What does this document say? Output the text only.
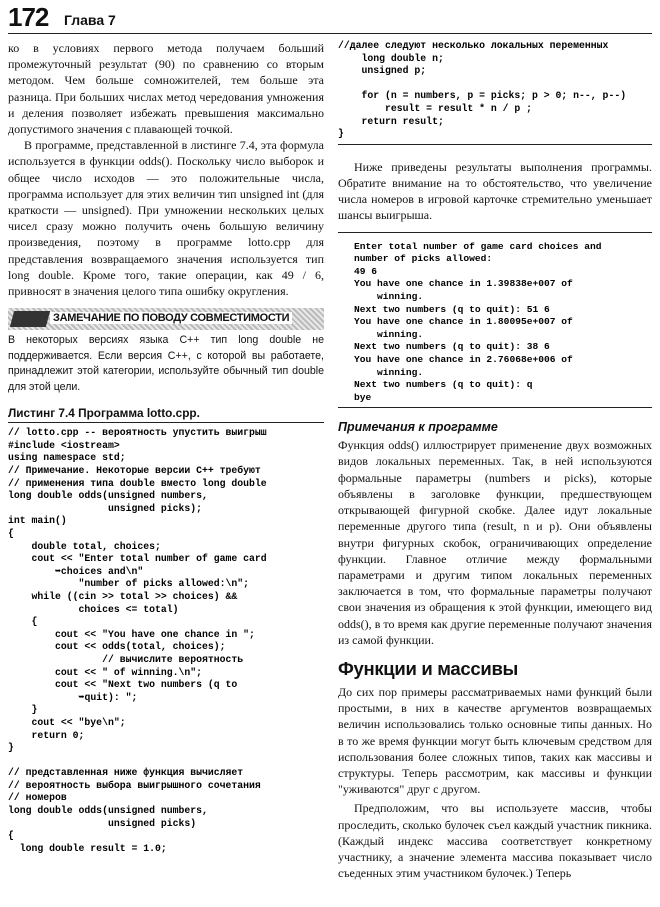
172 Глава 7

ко в условиях первого метода получаем больший промежуточный результат (90) по сравнению со вторым методом. Чем больше сомножителей, тем больше эта разница. При больших числах метод чередования умножения и деления позволяет избежать превышения максимально допустимого значения с плавающей точкой.

В программе, представленной в листинге 7.4, эта формула используется в функции odds(). Поскольку число выборок и общее число исходов — это положительные числа, программа использует для этих величин тип unsigned int (для краткости — unsigned). При умножении нескольких целых чисел сразу можно получить очень большую величину произведения, поэтому в программе lotto.cpp для представления возвращаемого значения используется тип long double. Кроме того, такие операции, как 49 / 6, привносят в значения целого типа ошибку округления.

ЗАМЕЧАНИЕ ПО ПОВОДУ СОВМЕСТИМОСТИ

В некоторых версиях языка C++ тип long double не поддерживается. Если версия C++, с которой вы работаете, принадлежит этой категории, используйте обычный тип double для этой цели.

Листинг 7.4 Программа lotto.cpp.
// lotto.cpp -- вероятность упустить выигрыш
#include <iostream>
using namespace std;
// Примечание. Некоторые версии C++ требуют
// применения типа double вместо long double
long double odds(unsigned numbers,
unsigned picks);
int main()
{
double total, choices;
cout << "Enter total number of game card
➥choices and\n"
"number of picks allowed:\n";
while ((cin >> total >> choices) &&
choices <= total)
{
cout << "You have one chance in ";
cout << odds(total, choices);
// вычислите вероятность
cout << " of winning.\n";
cout << "Next two numbers (q to
➥quit): ";
}
cout << "bye\n";
return 0;
}

// представленная ниже функция вычисляет
// вероятность выбора выигрышного сочетания
// номеров
long double odds(unsigned numbers,
unsigned picks)
{
long double result = 1.0;
//далее следуют несколько локальных переменных
long double n;
unsigned p;

for (n = numbers, p = picks; p > 0; n--, p--)
result = result * n / p ;
return result;
}

Ниже приведены результаты выполнения программы. Обратите внимание на то обстоятельство, что увеличение числа номеров в игровой карточке стремительно уменьшает шансы выигрыша.

Enter total number of game card choices and
number of picks allowed:
49 6
You have one chance in 1.39838e+007 of
winning.
Next two numbers (q to quit): 51 6
You have one chance in 1.80095e+007 of
winning.
Next two numbers (q to quit): 38 6
You have one chance in 2.76068e+006 of
winning.
Next two numbers (q to quit): q
bye
Примечания к программе

Функция odds() иллюстрирует применение двух возможных видов локальных переменных. Так, в ней используются формальные параметры (numbers и picks), которые объявлены в заголовке функции, предшествующем открывающей фигурной скобке. Далее идут локальные переменные другого типа (result, n и p). Они объявлены внутри фигурных скобок, ограничивающих определение функции. Главное отличие между формальными параметрами и другим типом локальных переменных заключается в том, что формальные параметры получают свои значения из обращения к этой функции, имеющего вид odds(), в то время как другие переменные получают значения из самой функции.

Функции и массивы

До сих пор примеры рассматриваемых нами функций были простыми, в них в качестве аргументов возвращаемых величин использовались только основные типы данных. Но в то же время функции могут быть ключевым средством для использования более сложных типов, таких как массивы и структуры. Теперь рассмотрим, как массивы и функции "уживаются" друг с другом.

Предположим, что вы используете массив, чтобы проследить, сколько булочек съел каждый участник пикника. (Каждый индекс массива соответствует конкретному участнику, а значение элемента массива показывает число съеденных этим участником булочек.) Теперь
